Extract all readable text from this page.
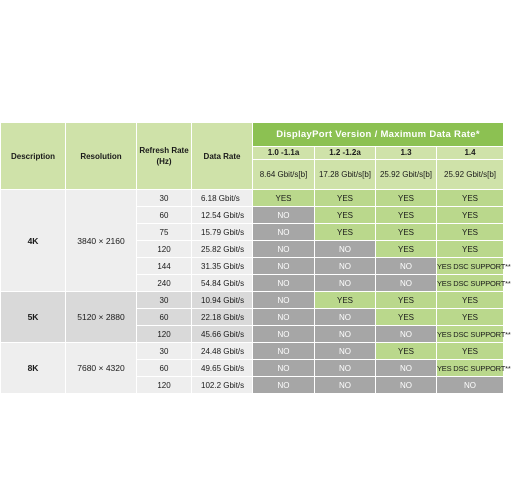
Description	Resolution	Refresh Rate (Hz)	Data Rate	DisplayPort Version / Maximum Data Rate*			
				1.0 -1.1a	1.2 -1.2a	1.3	1.4
				8.64 Gbit/s[b]	17.28 Gbit/s[b]	25.92 Gbit/s[b]	25.92 Gbit/s[b]
4K	3840 × 2160	30	6.18 Gbit/s	YES	YES	YES	YES
		60	12.54 Gbit/s	NO	YES	YES	YES
		75	15.79 Gbit/s	NO	YES	YES	YES
		120	25.82 Gbit/s	NO	NO	YES	YES
		144	31.35 Gbit/s	NO	NO	NO	YES DSC SUPPORT**
		240	54.84 Gbit/s	NO	NO	NO	YES DSC SUPPORT**
5K	5120 × 2880	30	10.94 Gbit/s	NO	YES	YES	YES
		60	22.18 Gbit/s	NO	NO	YES	YES
		120	45.66 Gbit/s	NO	NO	NO	YES DSC SUPPORT**
8K	7680 × 4320	30	24.48 Gbit/s	NO	NO	YES	YES
		60	49.65 Gbit/s	NO	NO	NO	YES DSC SUPPORT**
		120	102.2 Gbit/s	NO	NO	NO	NO
